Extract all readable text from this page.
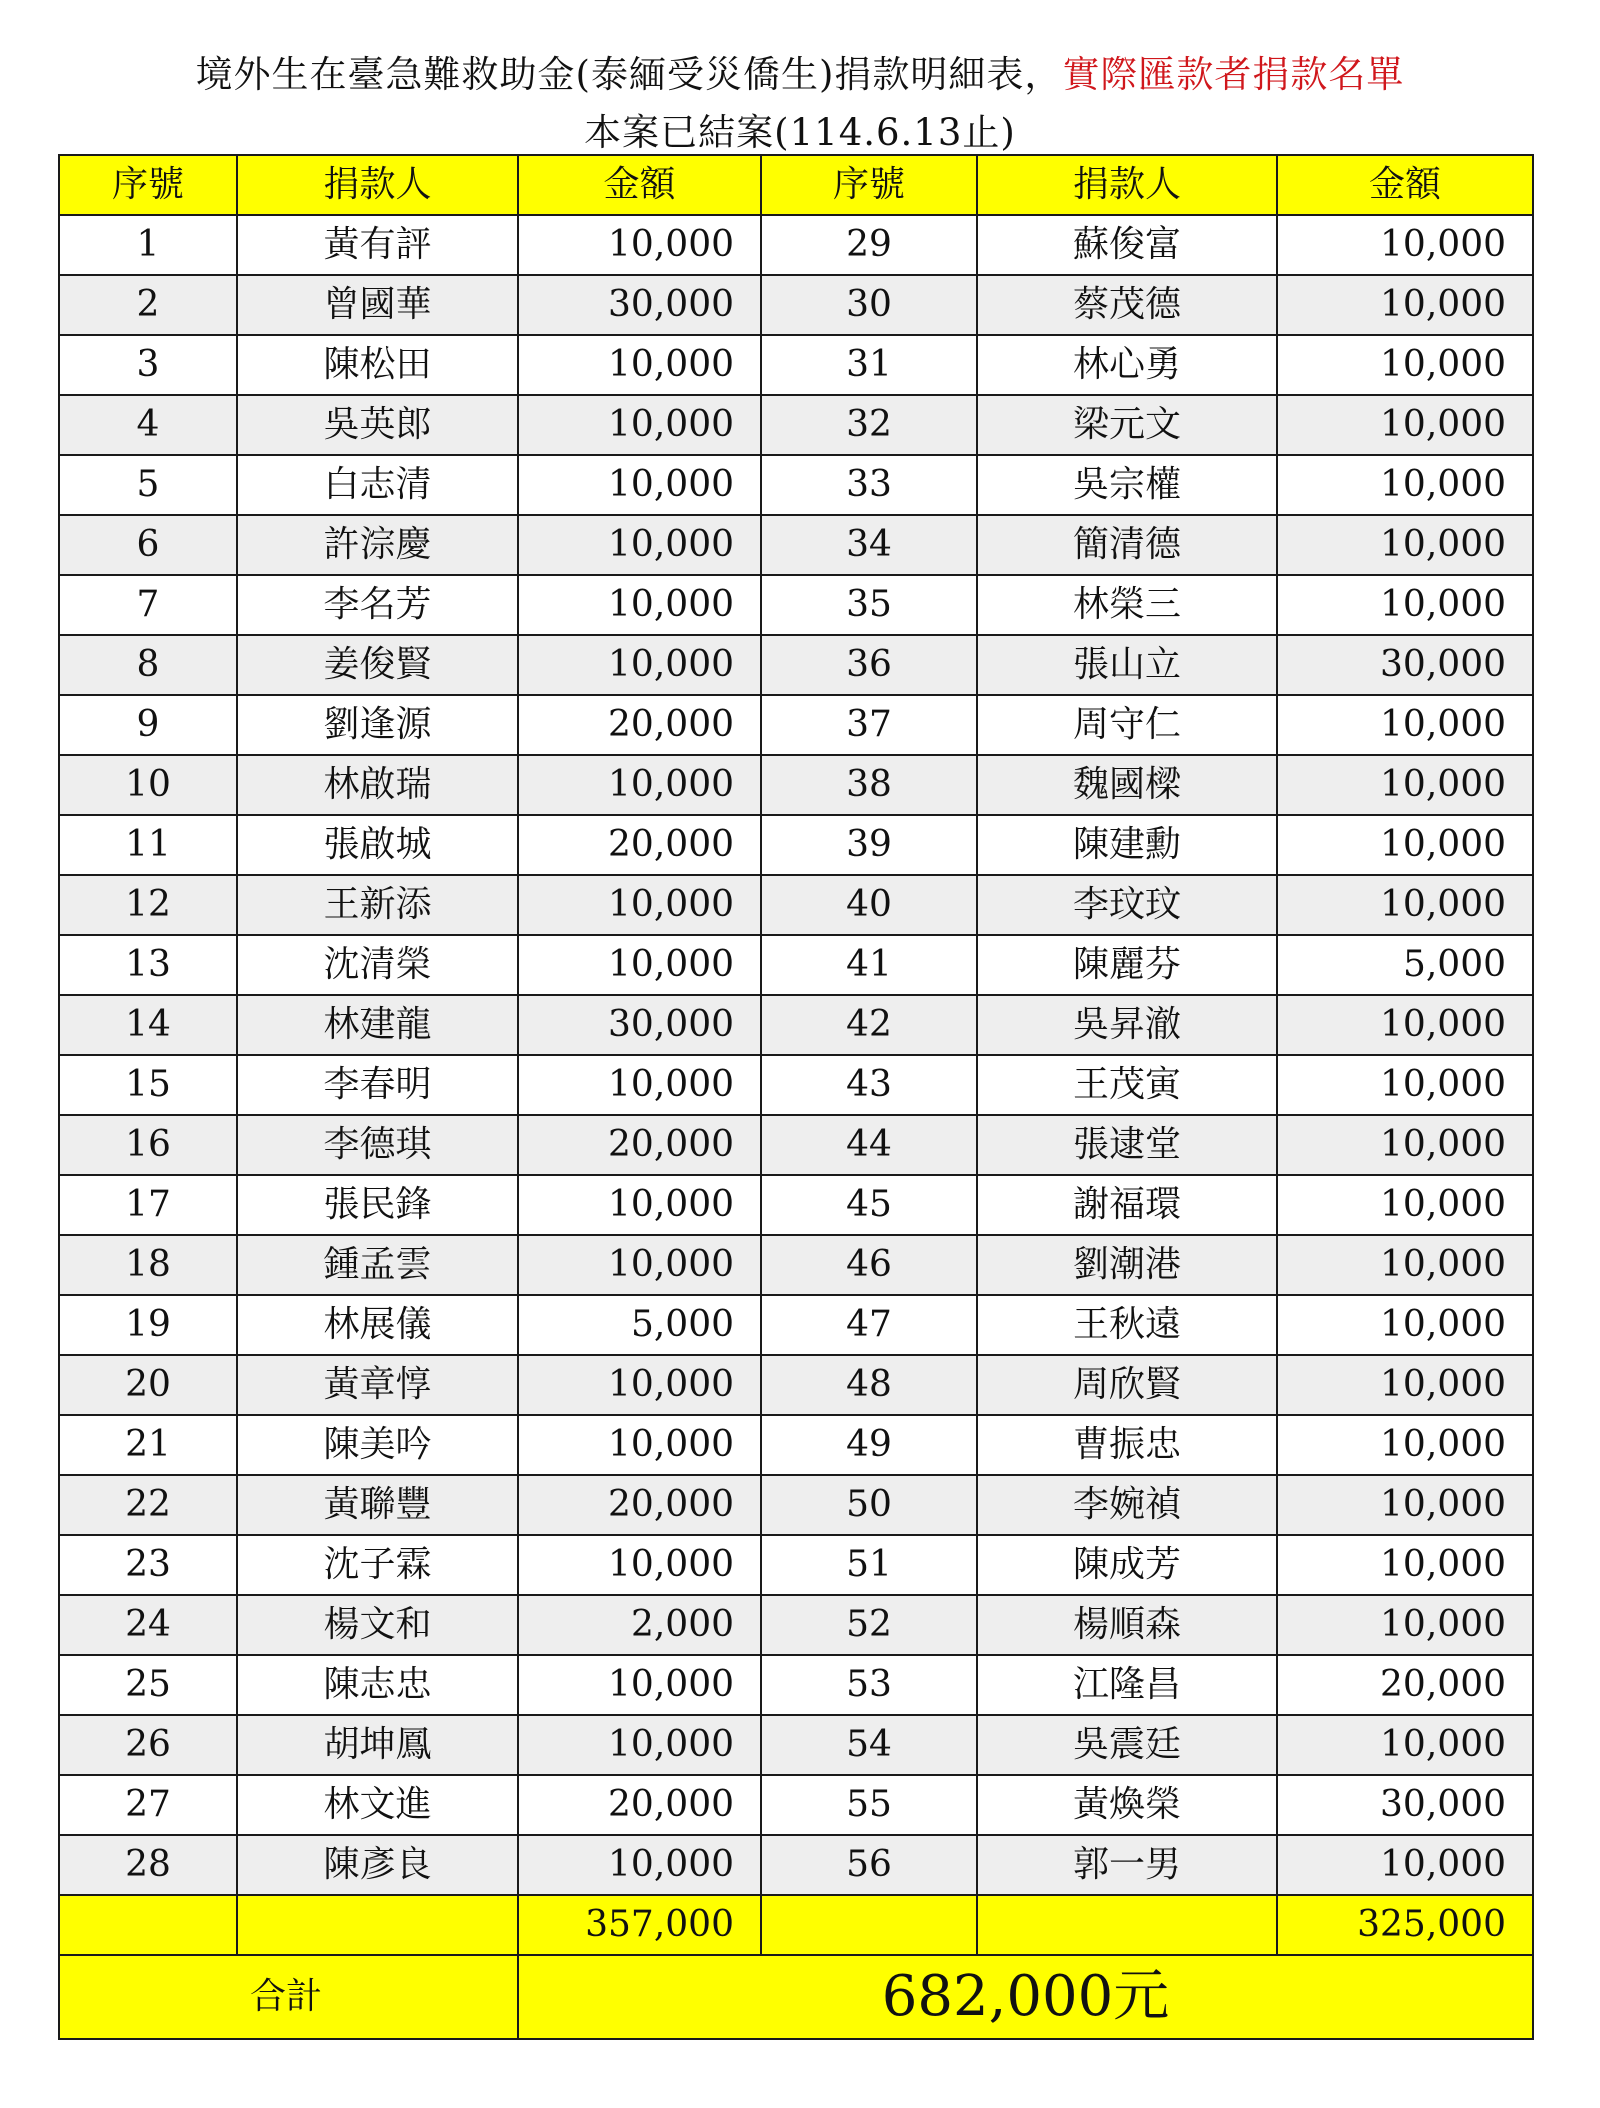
境外生在臺急難救助金(泰緬受災僑生)捐款明細表，實際匯款者捐款名單
本案已結案(114.6.13止)
序號	捐款人	金額	序號	捐款人	金額
1	黃有評	10,000	29	蘇俊富	10,000
2	曾國華	30,000	30	蔡茂德	10,000
3	陳松田	10,000	31	林心勇	10,000
4	吳英郎	10,000	32	梁元文	10,000
5	白志清	10,000	33	吳宗權	10,000
6	許淙慶	10,000	34	簡清德	10,000
7	李名芳	10,000	35	林榮三	10,000
8	姜俊賢	10,000	36	張山立	30,000
9	劉逢源	20,000	37	周守仁	10,000
10	林啟瑞	10,000	38	魏國樑	10,000
11	張啟城	20,000	39	陳建勳	10,000
12	王新添	10,000	40	李玟玟	10,000
13	沈清榮	10,000	41	陳麗芬	5,000
14	林建龍	30,000	42	吳昇澈	10,000
15	李春明	10,000	43	王茂寅	10,000
16	李德琪	20,000	44	張逮堂	10,000
17	張民鋒	10,000	45	謝福環	10,000
18	鍾孟雲	10,000	46	劉潮港	10,000
19	林展儀	5,000	47	王秋遠	10,000
20	黃章惇	10,000	48	周欣賢	10,000
21	陳美吟	10,000	49	曹振忠	10,000
22	黃聯豐	20,000	50	李婉禎	10,000
23	沈子霖	10,000	51	陳成芳	10,000
24	楊文和	2,000	52	楊順森	10,000
25	陳志忠	10,000	53	江隆昌	20,000
26	胡坤鳳	10,000	54	吳震廷	10,000
27	林文進	20,000	55	黃煥榮	30,000
28	陳彥良	10,000	56	郭一男	10,000
		357,000			325,000
合計		682,000元			
